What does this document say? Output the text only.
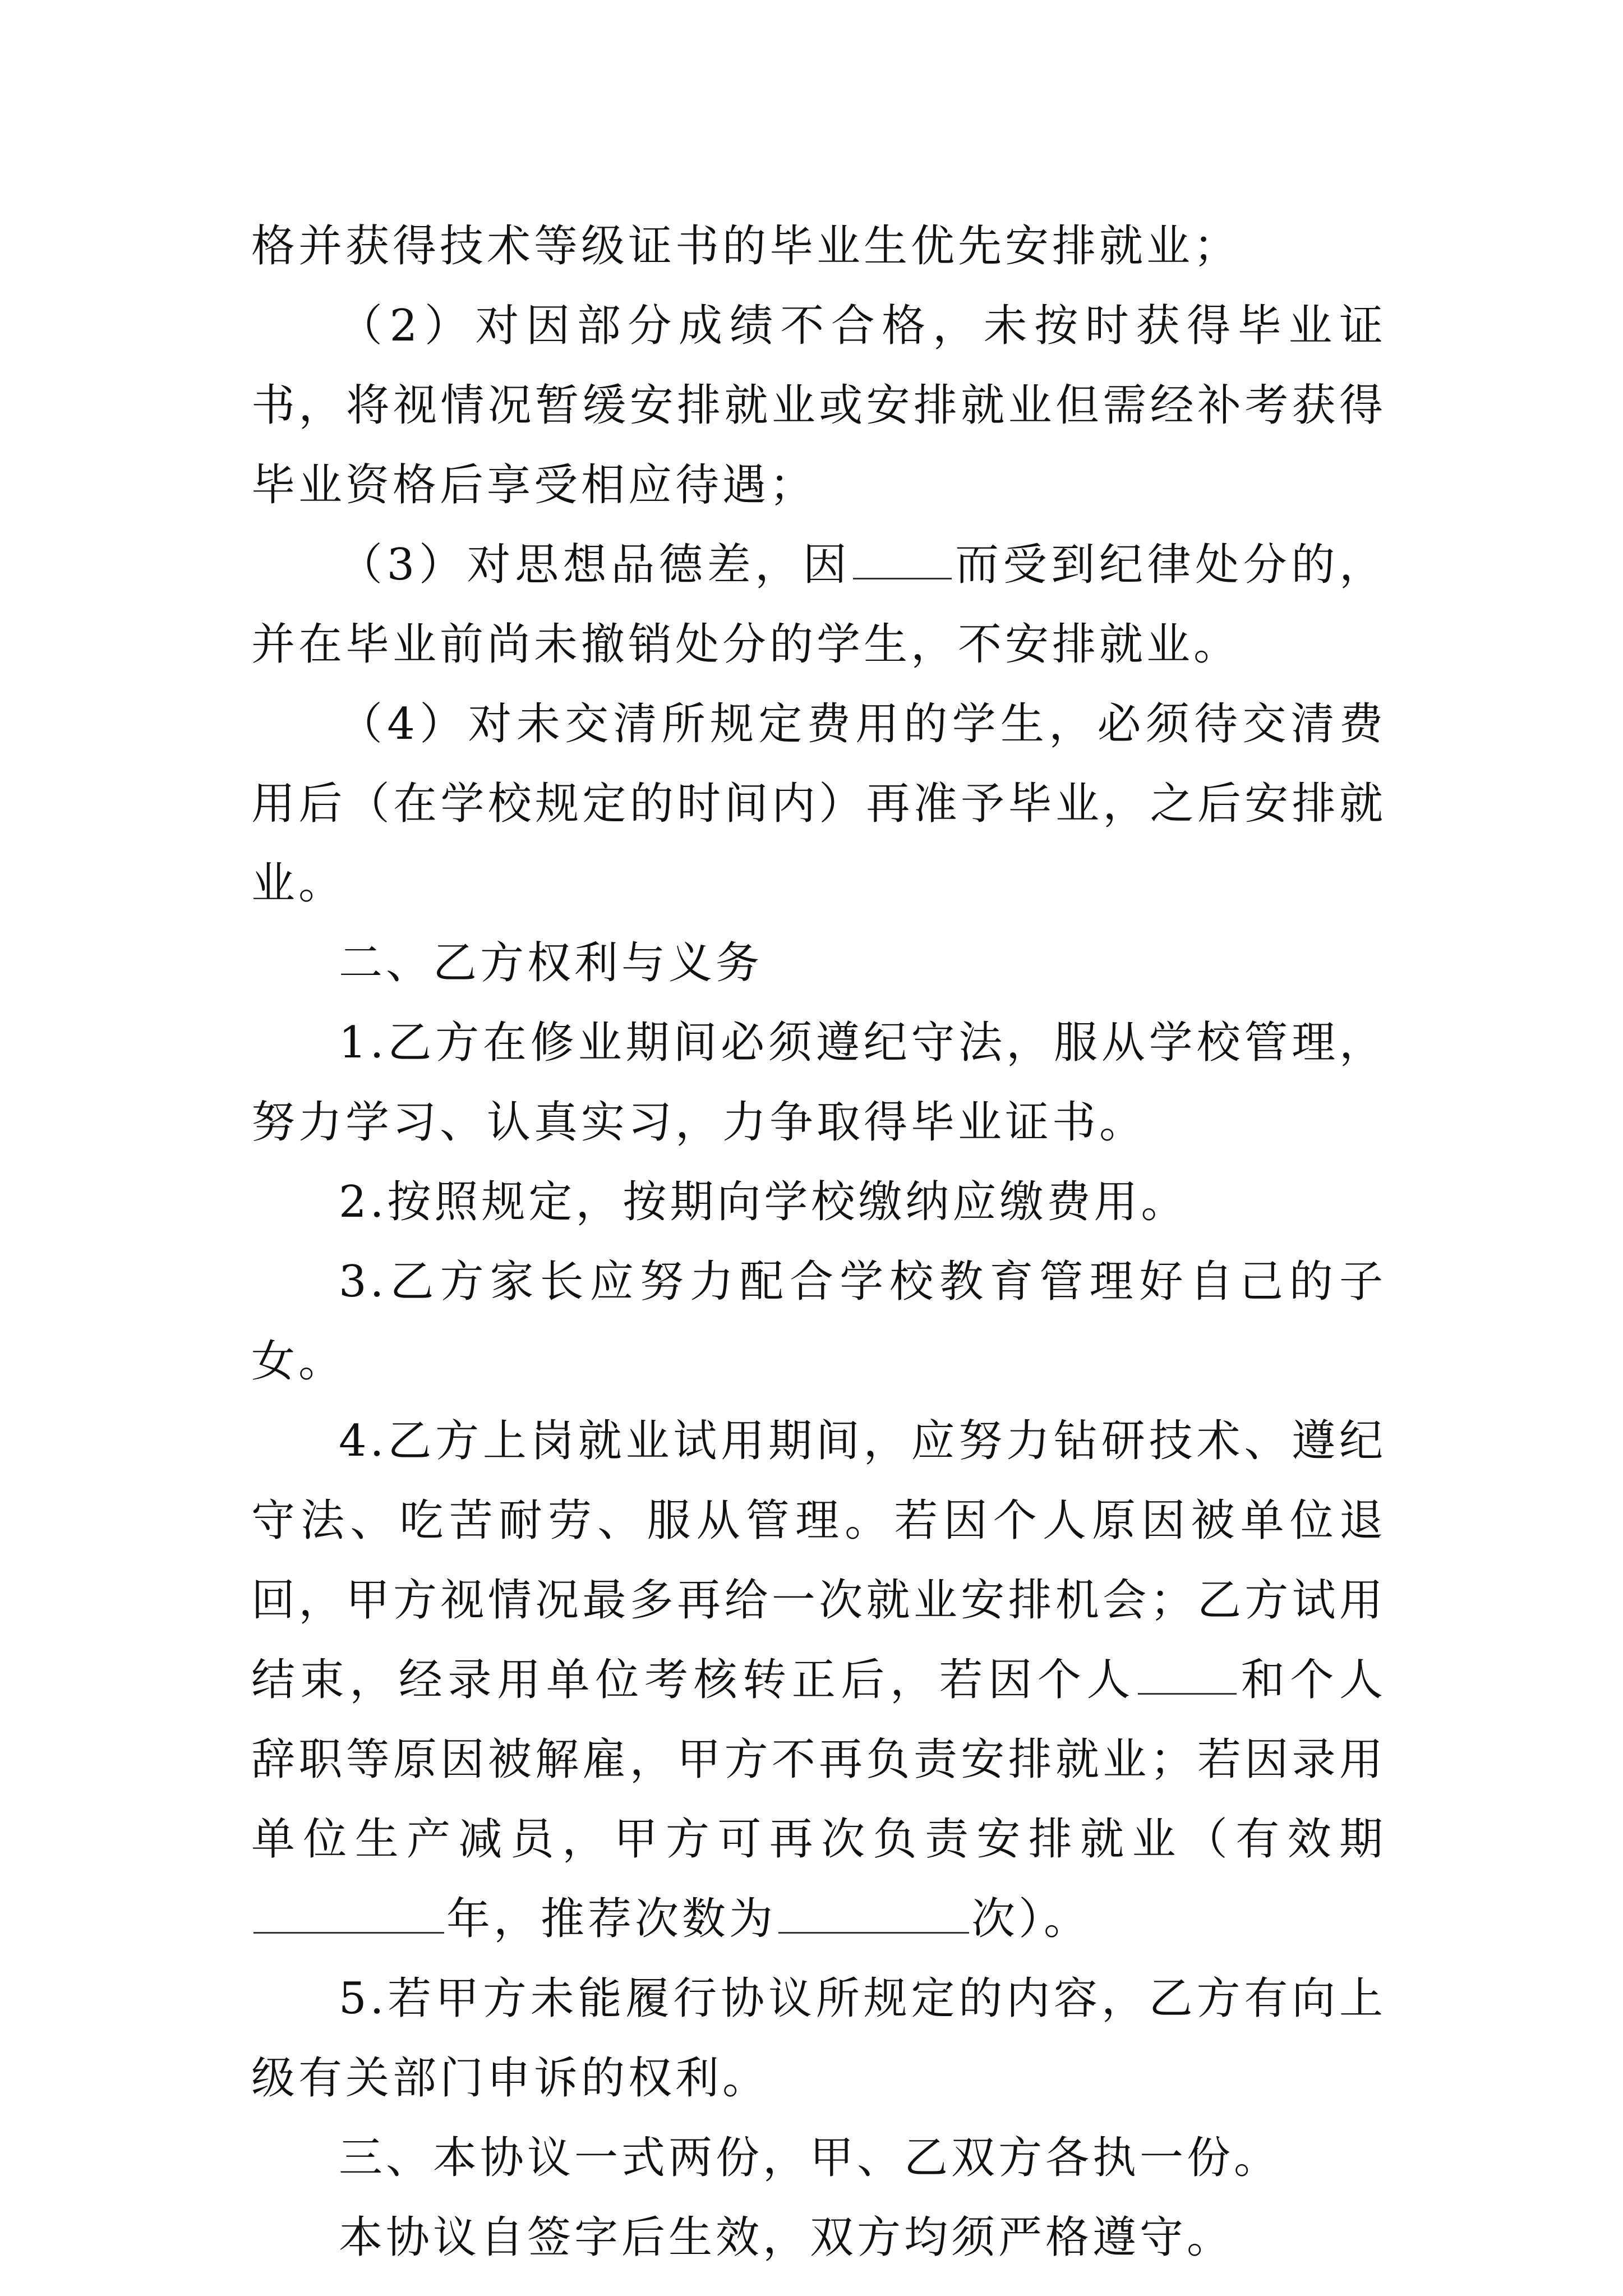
格并获得技术等级证书的毕业生优先安排就业；

（2）对因部分成绩不合格，未按时获得毕业证书，将视情况暂缓安排就业或安排就业但需经补考获得毕业资格后享受相应待遇；

（3）对思想品德差，因 而受到纪律处分的，并在毕业前尚未撤销处分的学生，不安排就业。

（4）对未交清所规定费用的学生，必须待交清费用后（在学校规定的时间内）再准予毕业，之后安排就业。

二、乙方权利与义务

1.乙方在修业期间必须遵纪守法，服从学校管理，努力学习、认真实习，力争取得毕业证书。

2.按照规定，按期向学校缴纳应缴费用。

3.乙方家长应努力配合学校教育管理好自己的子女。

4.乙方上岗就业试用期间，应努力钻研技术、遵纪守法、吃苦耐劳、服从管理。若因个人原因被单位退回，甲方视情况最多再给一次就业安排机会；乙方试用结束，经录用单位考核转正后，若因个人 和个人辞职等原因被解雇，甲方不再负责安排就业；若因录用单位生产减员，甲方可再次负责安排就业（有效期年，推荐次数为	次）。

5.若甲方未能履行协议所规定的内容，乙方有向上级有关部门申诉的权利。

三、本协议一式两份，甲、乙双方各执一份。

本协议自签字后生效，双方均须严格遵守。
